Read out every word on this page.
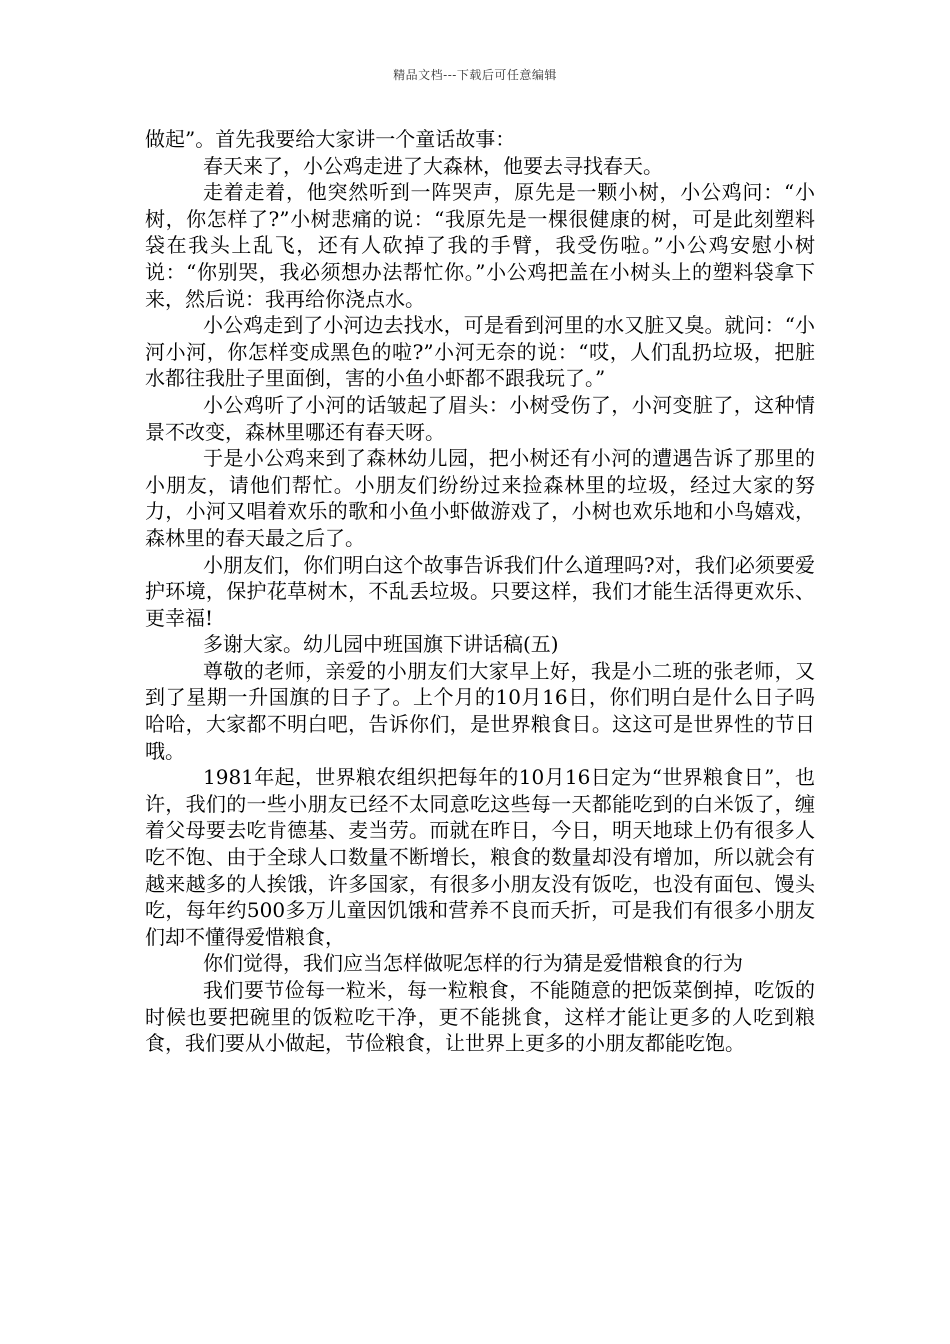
精品文档---下载后可任意编辑

做起”。首先我要给大家讲一个童话故事：

春天来了，小公鸡走进了大森林，他要去寻找春天。

走着走着，他突然听到一阵哭声，原先是一颗小树，小公鸡问：“小树，你怎样了?”小树悲痛的说：“我原先是一棵很健康的树，可是此刻塑料袋在我头上乱飞，还有人砍掉了我的手臂，我受伤啦。”小公鸡安慰小树说：“你别哭，我必须想办法帮忙你。”小公鸡把盖在小树头上的塑料袋拿下来，然后说：我再给你浇点水。

小公鸡走到了小河边去找水，可是看到河里的水又脏又臭。就问：“小河小河，你怎样变成黑色的啦?”小河无奈的说：“哎，人们乱扔垃圾，把脏水都往我肚子里面倒，害的小鱼小虾都不跟我玩了。”

小公鸡听了小河的话皱起了眉头：小树受伤了，小河变脏了，这种情景不改变，森林里哪还有春天呀。

于是小公鸡来到了森林幼儿园，把小树还有小河的遭遇告诉了那里的小朋友，请他们帮忙。小朋友们纷纷过来捡森林里的垃圾，经过大家的努力，小河又唱着欢乐的歌和小鱼小虾做游戏了，小树也欢乐地和小鸟嬉戏，森林里的春天最之后了。

小朋友们，你们明白这个故事告诉我们什么道理吗?对，我们必须要爱护环境，保护花草树木，不乱丢垃圾。只要这样，我们才能生活得更欢乐、更幸福!

多谢大家。幼儿园中班国旗下讲话稿(五)

尊敬的老师，亲爱的小朋友们大家早上好，我是小二班的张老师，又到了星期一升国旗的日子了。上个月的10月16日，你们明白是什么日子吗哈哈，大家都不明白吧，告诉你们，是世界粮食日。这这可是世界性的节日哦。

1981年起，世界粮农组织把每年的10月16日定为“世界粮食日”，也许，我们的一些小朋友已经不太同意吃这些每一天都能吃到的白米饭了，缠着父母要去吃肯德基、麦当劳。而就在昨日，今日，明天地球上仍有很多人吃不饱、由于全球人口数量不断增长，粮食的数量却没有增加，所以就会有越来越多的人挨饿，许多国家，有很多小朋友没有饭吃，也没有面包、馒头吃，每年约500多万儿童因饥饿和营养不良而夭折，可是我们有很多小朋友们却不懂得爱惜粮食，

你们觉得，我们应当怎样做呢怎样的行为猜是爱惜粮食的行为

我们要节俭每一粒米，每一粒粮食，不能随意的把饭菜倒掉，吃饭的时候也要把碗里的饭粒吃干净，更不能挑食，这样才能让更多的人吃到粮食，我们要从小做起，节俭粮食，让世界上更多的小朋友都能吃饱。
